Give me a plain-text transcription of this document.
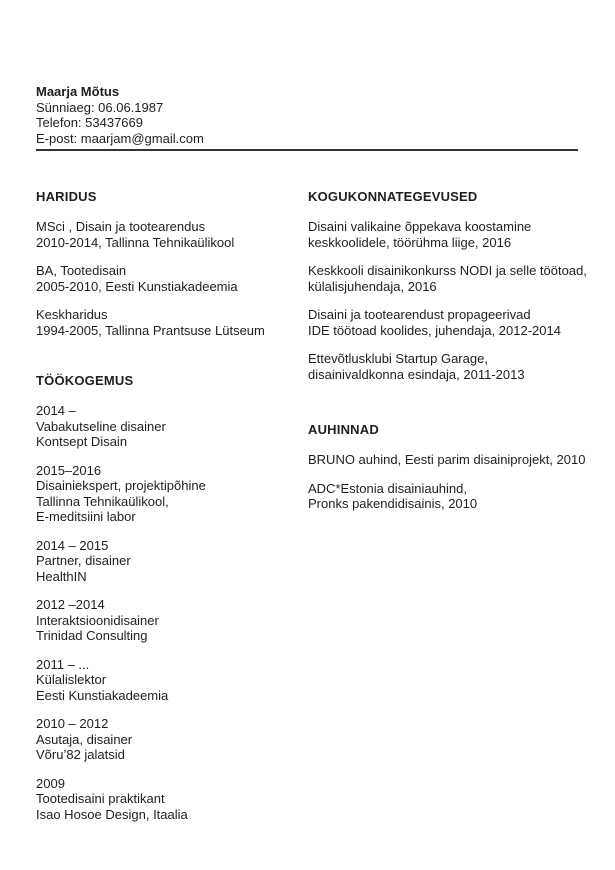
Maarja Mõtus
Sünniaeg: 06.06.1987
Telefon: 53437669
E-post: maarjam@gmail.com
HARIDUS
MSci , Disain ja tootearendus
2010-2014, Tallinna Tehnikaülikool
BA, Tootedisain
2005-2010, Eesti Kunstiakadeemia
Keskharidus
1994-2005, Tallinna Prantsuse Lütseum
TÖÖKOGEMUS
2014 –
Vabakutseline disainer
Kontsept Disain
2015–2016
Disainiekspert, projektipõhine
Tallinna Tehnikaülikool,
E-meditsiini labor
2014 – 2015
Partner, disainer
HealthIN
2012 –2014
Interaktsioonidisainer
Trinidad Consulting
2011 – ...
Külalislektor
Eesti Kunstiakadeemia
2010 – 2012
Asutaja, disainer
Võru’82 jalatsid
2009
Tootedisaini praktikant
Isao Hosoe Design, Itaalia
KOGUKONNATEGEVUSED
Disaini valikaine õppekava koostamine
keskkoolidele, töörühma liige, 2016
Keskkooli disainikonkurss NODI ja selle töötoad,
külalisjuhendaja, 2016
Disaini ja tootearendust propageerivad
IDE töötoad koolides, juhendaja, 2012-2014
Ettevõtlusklubi Startup Garage,
disainivaldkonna esindaja, 2011-2013
AUHINNAD
BRUNO auhind, Eesti parim disainiprojekt, 2010
ADC*Estonia disainiauhind,
Pronks pakendidisainis, 2010
